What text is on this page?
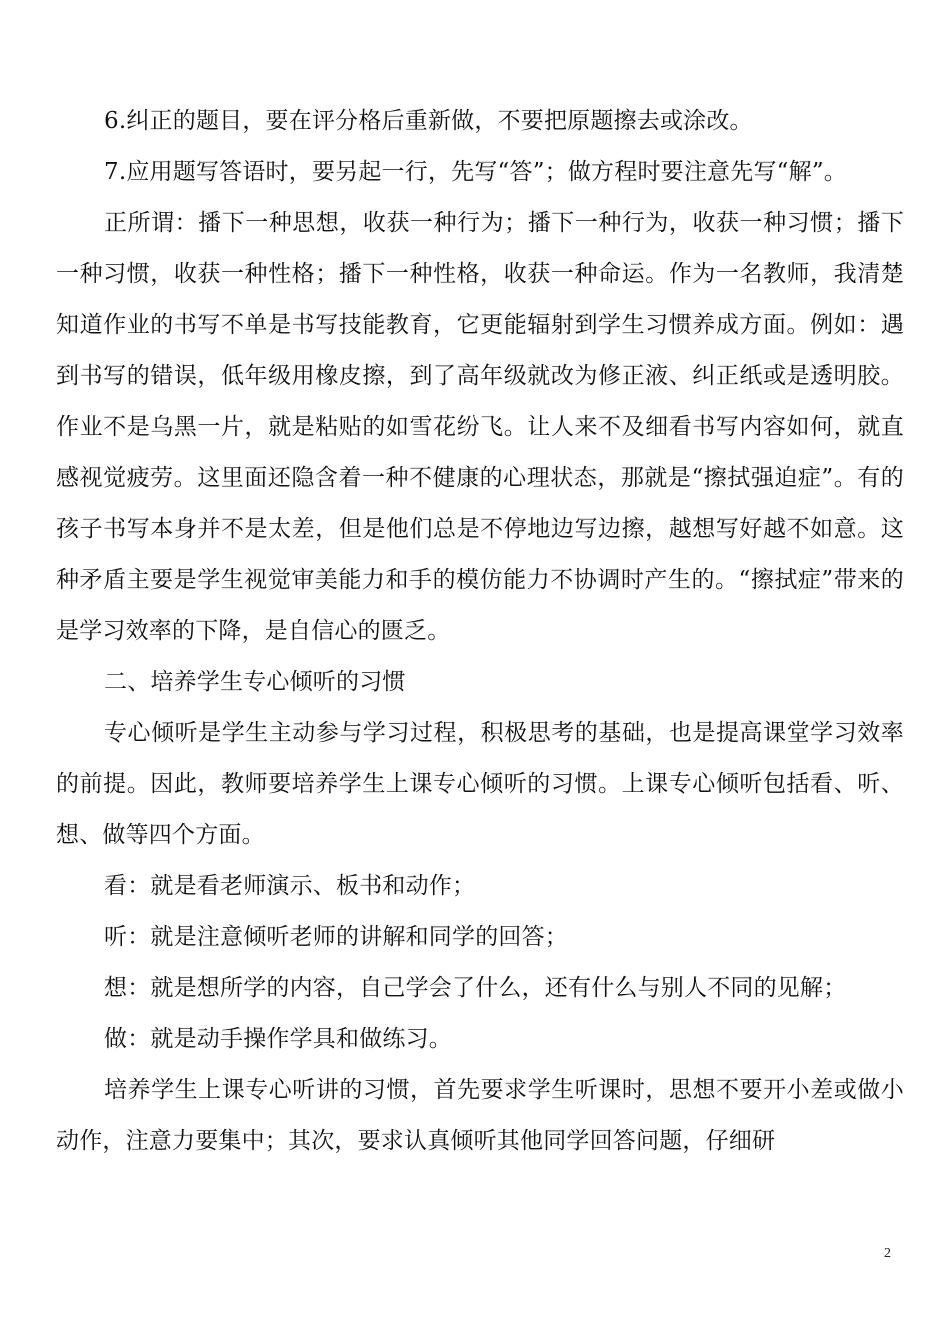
6.纠正的题目，要在评分格后重新做，不要把原题擦去或涂改。

7.应用题写答语时，要另起一行，先写“答”；做方程时要注意先写“解”。

正所谓：播下一种思想，收获一种行为；播下一种行为，收获一种习惯；播下一种习惯，收获一种性格；播下一种性格，收获一种命运。作为一名教师，我清楚知道作业的书写不单是书写技能教育，它更能辐射到学生习惯养成方面。例如：遇到书写的错误，低年级用橡皮擦，到了高年级就改为修正液、纠正纸或是透明胶。作业不是乌黑一片，就是粘贴的如雪花纷飞。让人来不及细看书写内容如何，就直感视觉疲劳。这里面还隐含着一种不健康的心理状态，那就是“擦拭强迫症”。有的孩子书写本身并不是太差，但是他们总是不停地边写边擦，越想写好越不如意。这种矛盾主要是学生视觉审美能力和手的模仿能力不协调时产生的。“擦拭症”带来的是学习效率的下降，是自信心的匮乏。

二、培养学生专心倾听的习惯

专心倾听是学生主动参与学习过程，积极思考的基础，也是提高课堂学习效率的前提。因此，教师要培养学生上课专心倾听的习惯。上课专心倾听包括看、听、想、做等四个方面。

看：就是看老师演示、板书和动作；

听：就是注意倾听老师的讲解和同学的回答；

想：就是想所学的内容，自己学会了什么，还有什么与别人不同的见解；

做：就是动手操作学具和做练习。

培养学生上课专心听讲的习惯，首先要求学生听课时，思想不要开小差或做小动作，注意力要集中；其次，要求认真倾听其他同学回答问题，仔细研

2
